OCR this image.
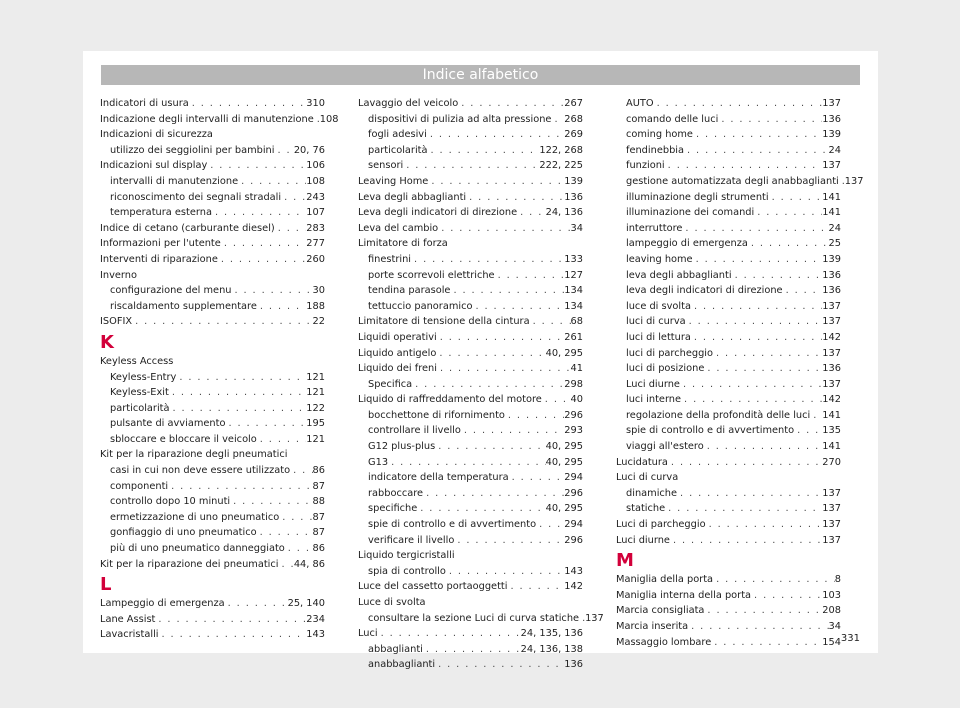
Indice alfabetico
Indicatori di usura . . .	310
Indicazione degli intervalli di manutenzione . . . 108
Indicazioni di sicurezza
utilizzo dei seggiolini per bambini . . . 20, 76
Indicazioni sul display . . .	106
intervalli di manutenzione . . .	108
riconoscimento dei segnali stradali . . .	243
temperatura esterna . . .	107
Indice di cetano (carburante diesel) . . .	283
Informazioni per l'utente . . .	277
Interventi di riparazione . . .	260
Inverno
configurazione del menu . . .	30
riscaldamento supplementare . . .	188
ISOFIX . . .	22
K
Keyless Access
Keyless-Entry . . .	121
Keyless-Exit . . .	121
particolarità . . .	122
pulsante di avviamento . . .	195
sbloccare e bloccare il veicolo . . .	121
Kit per la riparazione degli pneumatici
casi in cui non deve essere utilizzato . . . 86
componenti . . .	87
controllo dopo 10 minuti . . .	88
ermetizzazione di uno pneumatico . . .	87
gonfiaggio di uno pneumatico . . .	87
più di uno pneumatico danneggiato . . .	86
Kit per la riparazione dei pneumatici . . . 44, 86
L
Lampeggio di emergenza . . .	25, 140
Lane Assist . . .	234
Lavacristalli . . .	143
Lavaggio del veicolo . . .	267
dispositivi di pulizia ad alta pressione . . . 268
fogli adesivi . . .	269
particolarità . . .	122, 268
sensori . . .	222, 225
Leaving Home . . .	139
Leva degli abbaglianti . . .	136
Leva degli indicatori di direzione . . .	24, 136
Leva del cambio . . .	34
Limitatore di forza
finestrini . . .	133
porte scorrevoli elettriche . . .	127
tendina parasole . . .	134
tettuccio panoramico . . .	134
Limitatore di tensione della cintura . . .	68
Liquidi operativi . . .	261
Liquido antigelo . . .	40, 295
Liquido dei freni . . .	41
Specifica . . .	298
Liquido di raffreddamento del motore . . .	40
bocchettone di rifornimento . . .	296
controllare il livello . . .	293
G12 plus-plus . . .	40, 295
G13 . . .	40, 295
indicatore della temperatura . . .	294
rabboccare . . .	296
specifiche . . .	40, 295
spie di controllo e di avvertimento . . .	294
verificare il livello . . .	296
Liquido tergicristalli
spia di controllo . . .	143
Luce del cassetto portaoggetti . . .	142
Luce di svolta
consultare la sezione Luci di curva statiche . . . 137
Luci . . .	24, 135, 136
abbaglianti . . .	24, 136, 138
anabbaglianti . . .	136
AUTO . . .	137
comando delle luci . . .	136
coming home . . .	139
fendinebbia . . .	24
funzioni . . .	137
gestione automatizzata degli anabbaglianti . . . 137
illuminazione degli strumenti . . .	141
illuminazione dei comandi . . .	141
interruttore . . .	24
lampeggio di emergenza . . .	25
leaving home . . .	139
leva degli abbaglianti . . .	136
leva degli indicatori di direzione . . .	136
luce di svolta . . .	137
luci di curva . . .	137
luci di lettura . . .	142
luci di parcheggio . . .	137
luci di posizione . . .	136
Luci diurne . . .	137
luci interne . . .	142
regolazione della profondità delle luci . . . 141
spie di controllo e di avvertimento . . .	135
viaggi all'estero . . .	141
Lucidatura . . .	270
Luci di curva
dinamiche . . .	137
statiche . . .	137
Luci di parcheggio . . .	137
Luci diurne . . .	137
M
Maniglia della porta . . .	8
Maniglia interna della porta . . .	103
Marcia consigliata . . .	208
Marcia inserita . . .	34
Massaggio lombare . . .	154 331
